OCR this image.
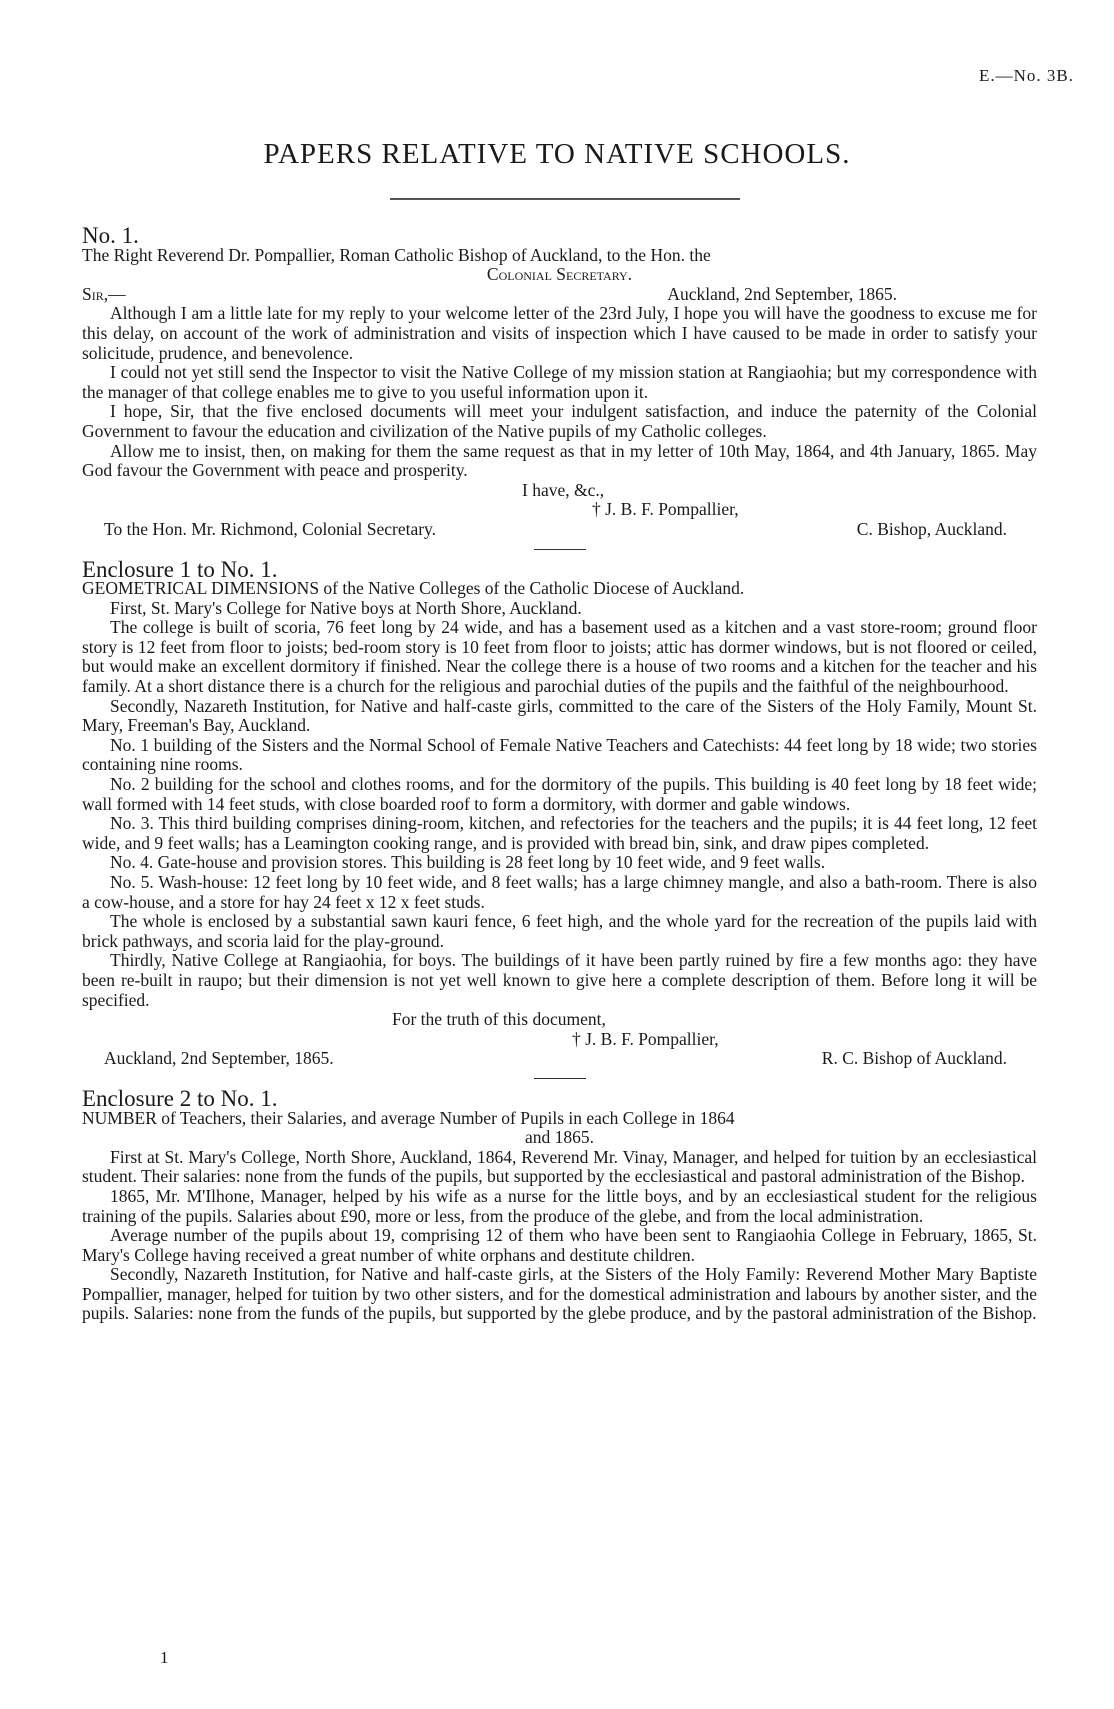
E.—No. 3B.
PAPERS RELATIVE TO NATIVE SCHOOLS.

No. 1.

The Right Reverend Dr. Pompallier, Roman Catholic Bishop of Auckland, to the Hon. the

Colonial Secretary.

Sir,—	Auckland, 2nd September, 1865.

Although I am a little late for my reply to your welcome letter of the 23rd July, I hope you will have the goodness to excuse me for this delay, on account of the work of administration and visits of inspection which I have caused to be made in order to satisfy your solicitude, prudence, and benevolence.

I could not yet still send the Inspector to visit the Native College of my mission station at Rangiaohia; but my correspondence with the manager of that college enables me to give to you useful information upon it.

I hope, Sir, that the five enclosed documents will meet your indulgent satisfaction, and induce the paternity of the Colonial Government to favour the education and civilization of the Native pupils of my Catholic colleges.

Allow me to insist, then, on making for them the same request as that in my letter of 10th May, 1864, and 4th January, 1865. May God favour the Government with peace and prosperity.

I have, &c.,

† J. B. F. Pompallier,

To the Hon. Mr. Richmond, Colonial Secretary.	C. Bishop, Auckland.

Enclosure 1 to No. 1.

GEOMETRICAL DIMENSIONS of the Native Colleges of the Catholic Diocese of Auckland.

First, St. Mary's College for Native boys at North Shore, Auckland.

The college is built of scoria, 76 feet long by 24 wide, and has a basement used as a kitchen and a vast store-room; ground floor story is 12 feet from floor to joists; bed-room story is 10 feet from floor to joists; attic has dormer windows, but is not floored or ceiled, but would make an excellent dormitory if finished. Near the college there is a house of two rooms and a kitchen for the teacher and his family. At a short distance there is a church for the religious and parochial duties of the pupils and the faithful of the neighbourhood.

Secondly, Nazareth Institution, for Native and half-caste girls, committed to the care of the Sisters of the Holy Family, Mount St. Mary, Freeman's Bay, Auckland.

No. 1 building of the Sisters and the Normal School of Female Native Teachers and Catechists: 44 feet long by 18 wide; two stories containing nine rooms.

No. 2 building for the school and clothes rooms, and for the dormitory of the pupils. This building is 40 feet long by 18 feet wide; wall formed with 14 feet studs, with close boarded roof to form a dormitory, with dormer and gable windows.

No. 3. This third building comprises dining-room, kitchen, and refectories for the teachers and the pupils; it is 44 feet long, 12 feet wide, and 9 feet walls; has a Leamington cooking range, and is provided with bread bin, sink, and draw pipes completed.

No. 4. Gate-house and provision stores. This building is 28 feet long by 10 feet wide, and 9 feet walls.

No. 5. Wash-house: 12 feet long by 10 feet wide, and 8 feet walls; has a large chimney mangle, and also a bath-room. There is also a cow-house, and a store for hay 24 feet x 12 x feet studs.

The whole is enclosed by a substantial sawn kauri fence, 6 feet high, and the whole yard for the recreation of the pupils laid with brick pathways, and scoria laid for the play-ground.

Thirdly, Native College at Rangiaohia, for boys. The buildings of it have been partly ruined by fire a few months ago: they have been re-built in raupo; but their dimension is not yet well known to give here a complete description of them. Before long it will be specified.

For the truth of this document,

† J. B. F. Pompallier,

Auckland, 2nd September, 1865.	R. C. Bishop of Auckland.

Enclosure 2 to No. 1.

NUMBER of Teachers, their Salaries, and average Number of Pupils in each College in 1864

and 1865.

First at St. Mary's College, North Shore, Auckland, 1864, Reverend Mr. Vinay, Manager, and helped for tuition by an ecclesiastical student. Their salaries: none from the funds of the pupils, but supported by the ecclesiastical and pastoral administration of the Bishop.

1865, Mr. M'Ilhone, Manager, helped by his wife as a nurse for the little boys, and by an ecclesiastical student for the religious training of the pupils. Salaries about £90, more or less, from the produce of the glebe, and from the local administration.

Average number of the pupils about 19, comprising 12 of them who have been sent to Rangiaohia College in February, 1865, St. Mary's College having received a great number of white orphans and destitute children.

Secondly, Nazareth Institution, for Native and half-caste girls, at the Sisters of the Holy Family: Reverend Mother Mary Baptiste Pompallier, manager, helped for tuition by two other sisters, and for the domestical administration and labours by another sister, and the pupils. Salaries: none from the funds of the pupils, but supported by the glebe produce, and by the pastoral administration of the Bishop.

1
